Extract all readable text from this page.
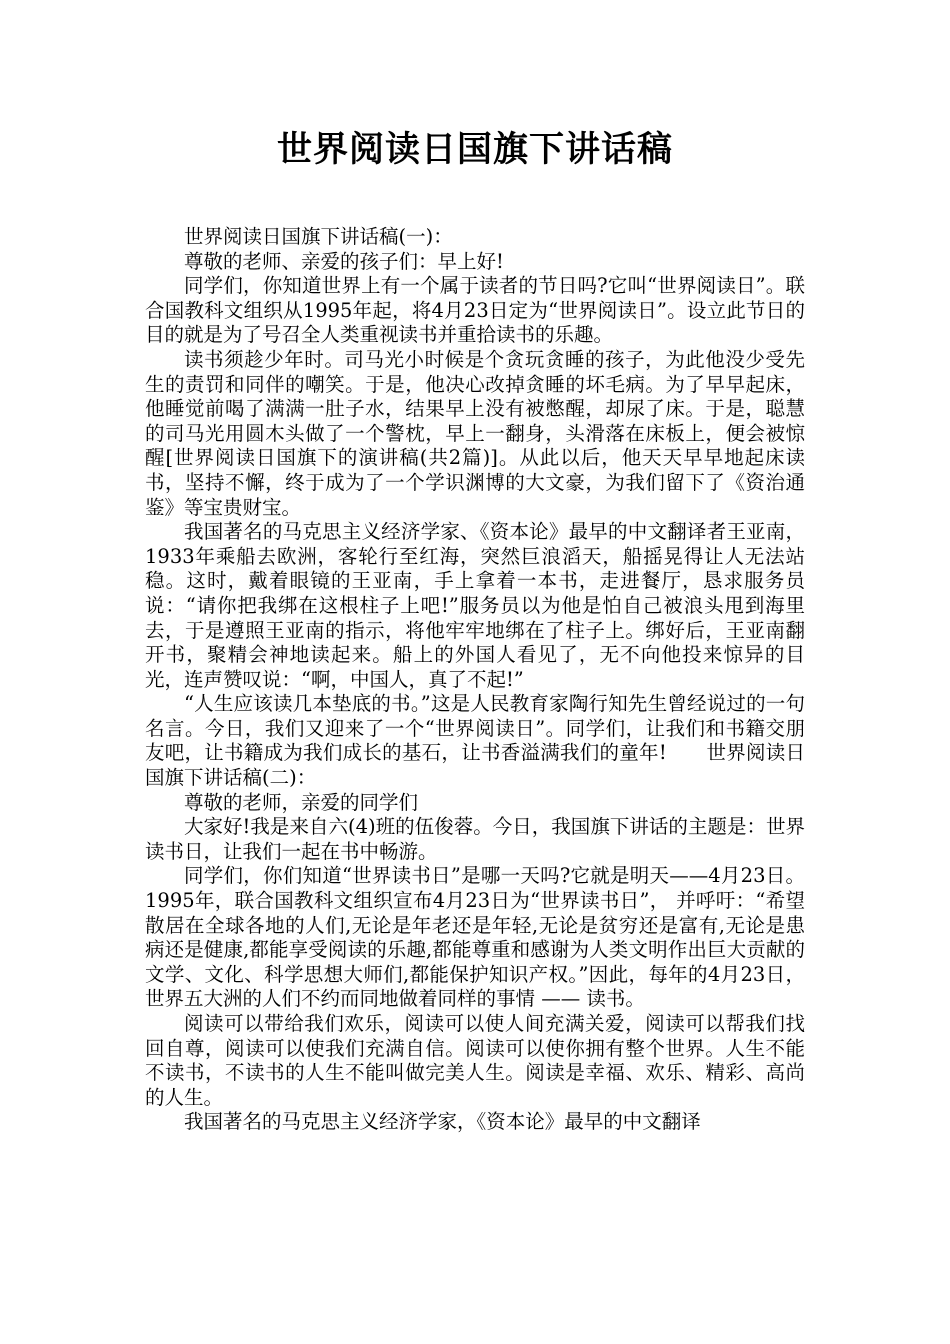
世界阅读日国旗下讲话稿

世界阅读日国旗下讲话稿(一)：

尊敬的老师、亲爱的孩子们：早上好!

同学们，你知道世界上有一个属于读者的节日吗?它叫“世界阅读日”。联合国教科文组织从1995年起，将4月23日定为“世界阅读日”。设立此节日的目的就是为了号召全人类重视读书并重拾读书的乐趣。

读书须趁少年时。司马光小时候是个贪玩贪睡的孩子，为此他没少受先生的责罚和同伴的嘲笑。于是，他决心改掉贪睡的坏毛病。为了早早起床，他睡觉前喝了满满一肚子水，结果早上没有被憋醒，却尿了床。于是，聪慧的司马光用圆木头做了一个警枕，早上一翻身，头滑落在床板上，便会被惊醒[世界阅读日国旗下的演讲稿(共2篇)]。从此以后，他天天早早地起床读书，坚持不懈，终于成为了一个学识渊博的大文豪，为我们留下了《资治通鉴》等宝贵财宝。

我国著名的马克思主义经济学家、《资本论》最早的中文翻译者王亚南，1933年乘船去欧洲，客轮行至红海，突然巨浪滔天，船摇晃得让人无法站稳。这时，戴着眼镜的王亚南，手上拿着一本书，走进餐厅，恳求服务员说：“请你把我绑在这根柱子上吧!”服务员以为他是怕自己被浪头甩到海里去，于是遵照王亚南的指示，将他牢牢地绑在了柱子上。绑好后，王亚南翻开书，聚精会神地读起来。船上的外国人看见了，无不向他投来惊异的目光，连声赞叹说：“啊，中国人，真了不起!”

“人生应该读几本垫底的书。”这是人民教育家陶行知先生曾经说过的一句名言。今日，我们又迎来了一个“世界阅读日”。同学们，让我们和书籍交朋友吧，让书籍成为我们成长的基石，让书香溢满我们的童年!　　世界阅读日国旗下讲话稿(二)：

尊敬的老师，亲爱的同学们

大家好!我是来自六(4)班的伍俊蓉。今日，我国旗下讲话的主题是：世界读书日，让我们一起在书中畅游。

同学们，你们知道“世界读书日”是哪一天吗?它就是明天——4月23日。1995年，联合国教科文组织宣布4月23日为“世界读书日”， 并呼吁：“希望散居在全球各地的人们,无论是年老还是年轻,无论是贫穷还是富有,无论是患病还是健康,都能享受阅读的乐趣,都能尊重和感谢为人类文明作出巨大贡献的文学、文化、科学思想大师们,都能保护知识产权。”因此，每年的4月23日，世界五大洲的人们不约而同地做着同样的事情 —— 读书。

阅读可以带给我们欢乐，阅读可以使人间充满关爱，阅读可以帮我们找回自尊，阅读可以使我们充满自信。阅读可以使你拥有整个世界。人生不能不读书，不读书的人生不能叫做完美人生。阅读是幸福、欢乐、精彩、高尚的人生。

我国著名的马克思主义经济学家，《资本论》最早的中文翻译
